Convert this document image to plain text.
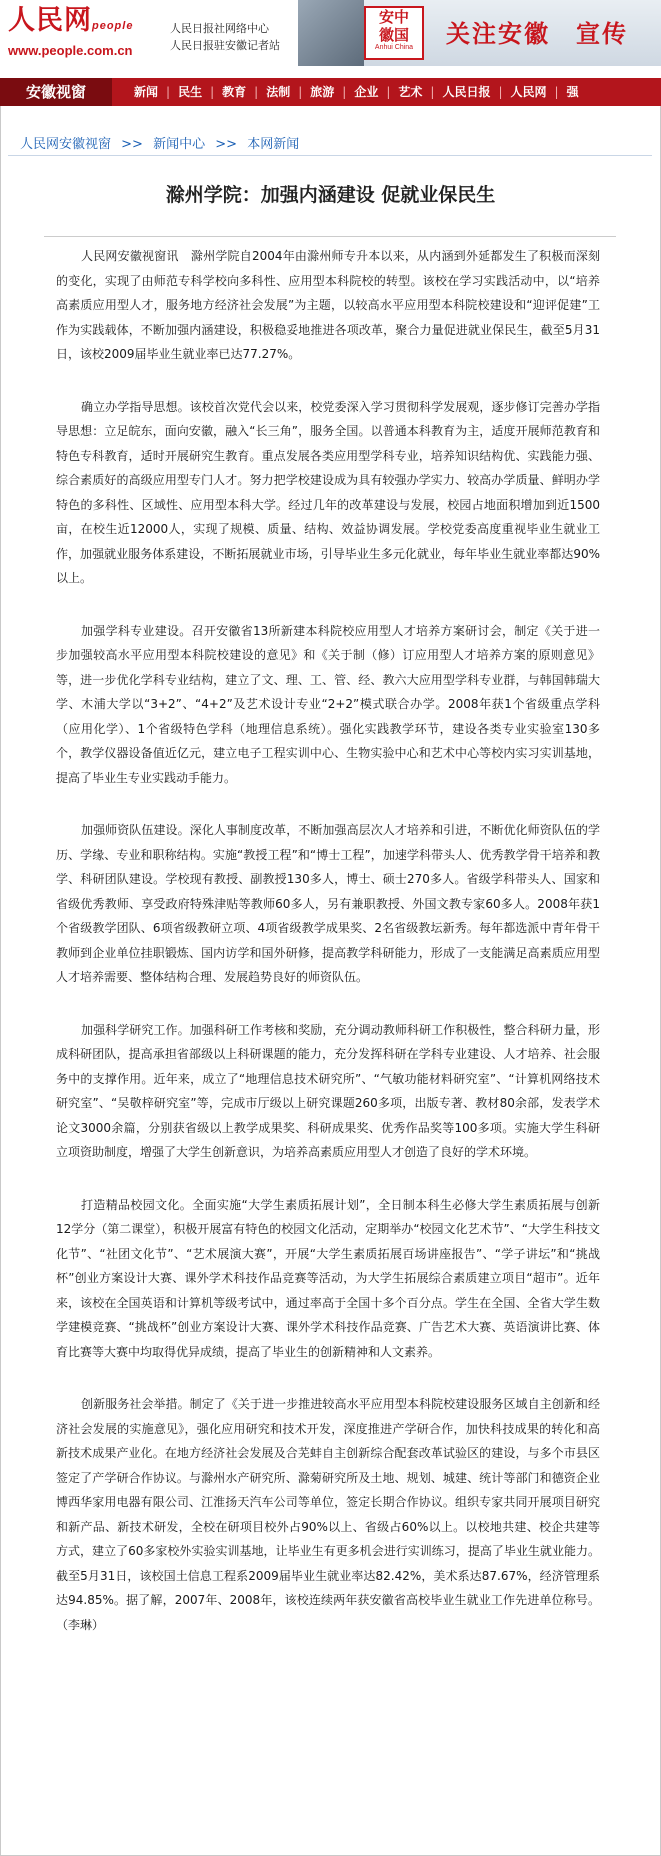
人民网people
www.people.com.cn
人民日报社网络中心
人民日报驻安徽记者站
安中
徽国
Anhui China	关注安徽　宣传
安徽视窗	新闻 | 民生 | 教育 | 法制 | 旅游 | 企业 | 艺术 | 人民日报 | 人民网 | 强
人民网安徽视窗 >> 新闻中心 >> 本网新闻
滁州学院：加强内涵建设 促就业保民生

人民网安徽视窗讯　滁州学院自2004年由滁州师专升本以来，从内涵到外延都发生了积极而深刻的变化，实现了由师范专科学校向多科性、应用型本科院校的转型。该校在学习实践活动中，以“培养高素质应用型人才，服务地方经济社会发展”为主题，以较高水平应用型本科院校建设和“迎评促建”工作为实践载体，不断加强内涵建设，积极稳妥地推进各项改革，聚合力量促进就业保民生，截至5月31日，该校2009届毕业生就业率已达77.27%。

确立办学指导思想。该校首次党代会以来，校党委深入学习贯彻科学发展观，逐步修订完善办学指导思想：立足皖东，面向安徽，融入“长三角”，服务全国。以普通本科教育为主，适度开展师范教育和特色专科教育，适时开展研究生教育。重点发展各类应用型学科专业，培养知识结构优、实践能力强、综合素质好的高级应用型专门人才。努力把学校建设成为具有较强办学实力、较高办学质量、鲜明办学特色的多科性、区域性、应用型本科大学。经过几年的改革建设与发展，校园占地面积增加到近1500亩，在校生近12000人，实现了规模、质量、结构、效益协调发展。学校党委高度重视毕业生就业工作，加强就业服务体系建设，不断拓展就业市场，引导毕业生多元化就业，每年毕业生就业率都达90%以上。

加强学科专业建设。召开安徽省13所新建本科院校应用型人才培养方案研讨会，制定《关于进一步加强较高水平应用型本科院校建设的意见》和《关于制（修）订应用型人才培养方案的原则意见》等，进一步优化学科专业结构，建立了文、理、工、管、经、教六大应用型学科专业群，与韩国韩瑞大学、木浦大学以“3+2”、“4+2”及艺术设计专业“2+2”模式联合办学。2008年获1个省级重点学科（应用化学）、1个省级特色学科（地理信息系统）。强化实践教学环节，建设各类专业实验室130多个，教学仪器设备值近亿元，建立电子工程实训中心、生物实验中心和艺术中心等校内实习实训基地，提高了毕业生专业实践动手能力。

加强师资队伍建设。深化人事制度改革，不断加强高层次人才培养和引进，不断优化师资队伍的学历、学缘、专业和职称结构。实施“教授工程”和“博士工程”，加速学科带头人、优秀教学骨干培养和教学、科研团队建设。学校现有教授、副教授130多人，博士、硕士270多人。省级学科带头人、国家和省级优秀教师、享受政府特殊津贴等教师60多人，另有兼职教授、外国文教专家60多人。2008年获1个省级教学团队、6项省级教研立项、4项省级教学成果奖、2名省级教坛新秀。每年都选派中青年骨干教师到企业单位挂职锻炼、国内访学和国外研修，提高教学科研能力，形成了一支能满足高素质应用型人才培养需要、整体结构合理、发展趋势良好的师资队伍。

加强科学研究工作。加强科研工作考核和奖励，充分调动教师科研工作积极性，整合科研力量，形成科研团队，提高承担省部级以上科研课题的能力，充分发挥科研在学科专业建设、人才培养、社会服务中的支撑作用。近年来，成立了“地理信息技术研究所”、“气敏功能材料研究室”、“计算机网络技术研究室”、“吴敬梓研究室”等，完成市厅级以上研究课题260多项，出版专著、教材80余部，发表学术论文3000余篇，分别获省级以上教学成果奖、科研成果奖、优秀作品奖等100多项。实施大学生科研立项资助制度，增强了大学生创新意识，为培养高素质应用型人才创造了良好的学术环境。

打造精品校园文化。全面实施“大学生素质拓展计划”，全日制本科生必修大学生素质拓展与创新12学分（第二课堂），积极开展富有特色的校园文化活动，定期举办“校园文化艺术节”、“大学生科技文化节”、“社团文化节”、“艺术展演大赛”，开展“大学生素质拓展百场讲座报告”、“学子讲坛”和“挑战杯”创业方案设计大赛、课外学术科技作品竞赛等活动，为大学生拓展综合素质建立项目“超市”。近年来，该校在全国英语和计算机等级考试中，通过率高于全国十多个百分点。学生在全国、全省大学生数学建模竞赛、“挑战杯”创业方案设计大赛、课外学术科技作品竞赛、广告艺术大赛、英语演讲比赛、体育比赛等大赛中均取得优异成绩，提高了毕业生的创新精神和人文素养。

创新服务社会举措。制定了《关于进一步推进较高水平应用型本科院校建设服务区域自主创新和经济社会发展的实施意见》，强化应用研究和技术开发，深度推进产学研合作，加快科技成果的转化和高新技术成果产业化。在地方经济社会发展及合芜蚌自主创新综合配套改革试验区的建设，与多个市县区签定了产学研合作协议。与滁州水产研究所、滁菊研究所及土地、规划、城建、统计等部门和德资企业博西华家用电器有限公司、江淮扬天汽车公司等单位，签定长期合作协议。组织专家共同开展项目研究和新产品、新技术研发，全校在研项目校外占90%以上、省级占60%以上。以校地共建、校企共建等方式，建立了60多家校外实验实训基地，让毕业生有更多机会进行实训练习，提高了毕业生就业能力。截至5月31日，该校国土信息工程系2009届毕业生就业率达82.42%，美术系达87.67%，经济管理系达94.85%。据了解，2007年、2008年，该校连续两年获安徽省高校毕业生就业工作先进单位称号。（李琳）
